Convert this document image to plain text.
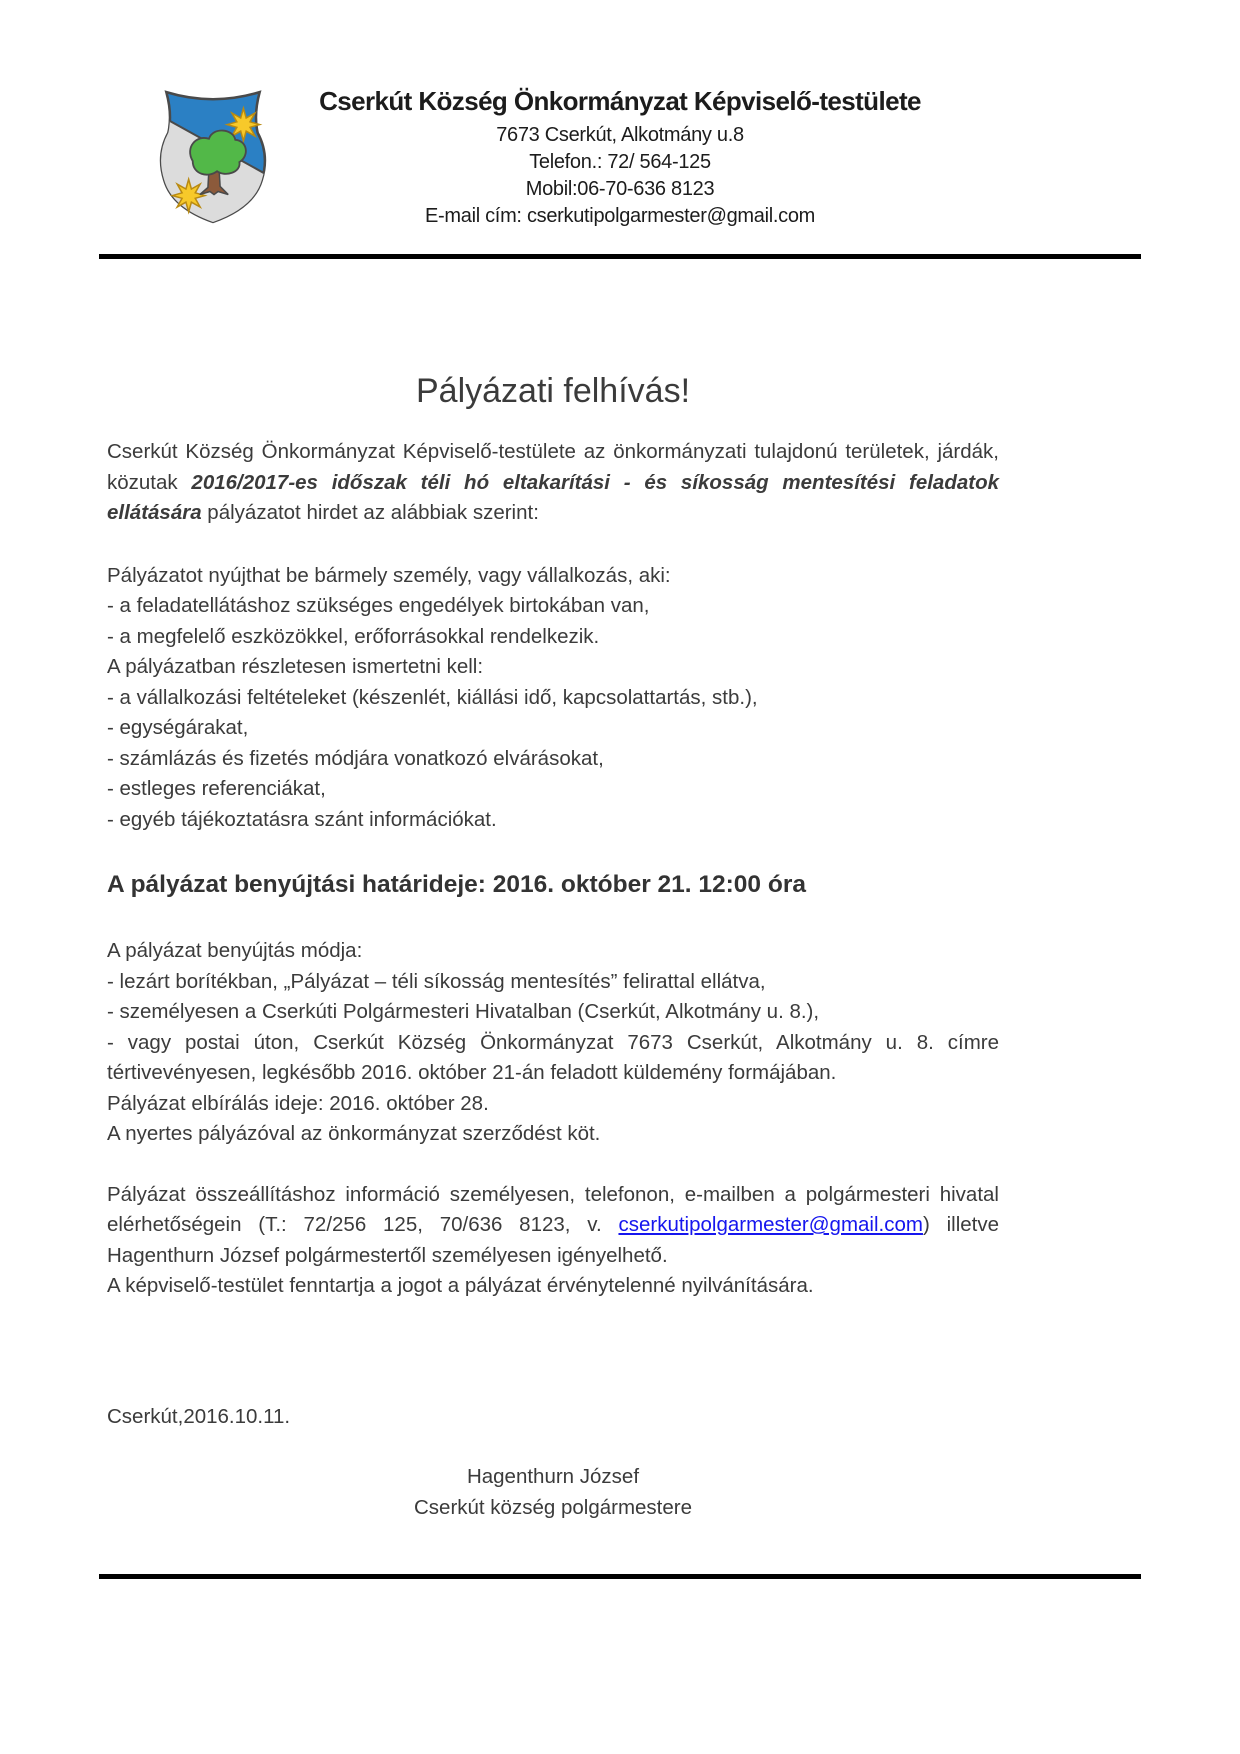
Cserkút Község Önkormányzat Képviselő-testülete
7673 Cserkút, Alkotmány u.8
Telefon.: 72/ 564-125
Mobil:06-70-636 8123
E-mail cím: cserkutipolgarmester@gmail.com
Pályázati felhívás!
Cserkút Község Önkormányzat Képviselő-testülete az önkormányzati tulajdonú területek, járdák, közutak 2016/2017-es időszak téli hó eltakarítási - és síkosság mentesítési feladatok ellátására pályázatot hirdet az alábbiak szerint:
Pályázatot nyújthat be bármely személy, vagy vállalkozás, aki:
- a feladatellátáshoz szükséges engedélyek birtokában van,
- a megfelelő eszközökkel, erőforrásokkal rendelkezik.
A pályázatban részletesen ismertetni kell:
- a vállalkozási feltételeket (készenlét, kiállási idő, kapcsolattartás, stb.),
- egységárakat,
- számlázás és fizetés módjára vonatkozó elvárásokat,
- estleges referenciákat,
- egyéb tájékoztatásra szánt információkat.
A pályázat benyújtási határideje: 2016. október 21. 12:00 óra
A pályázat benyújtás módja:
- lezárt borítékban, „Pályázat – téli síkosság mentesítés” felirattal ellátva,
- személyesen a Cserkúti Polgármesteri Hivatalban (Cserkút, Alkotmány u. 8.),
- vagy postai úton, Cserkút Község Önkormányzat 7673 Cserkút, Alkotmány u. 8. címre tértivevényesen, legkésőbb 2016. október 21-án feladott küldemény formájában.
Pályázat elbírálás ideje: 2016. október 28.
A nyertes pályázóval az önkormányzat szerződést köt.
Pályázat összeállításhoz információ személyesen, telefonon, e-mailben a polgármesteri hivatal elérhetőségein (T.: 72/256 125, 70/636 8123, v. cserkutipolgarmester@gmail.com) illetve Hagenthurn József polgármestertől személyesen igényelhető.
A képviselő-testület fenntartja a jogot a pályázat érvénytelenné nyilvánítására.
Cserkút,2016.10.11.
Hagenthurn József
Cserkút község polgármestere
